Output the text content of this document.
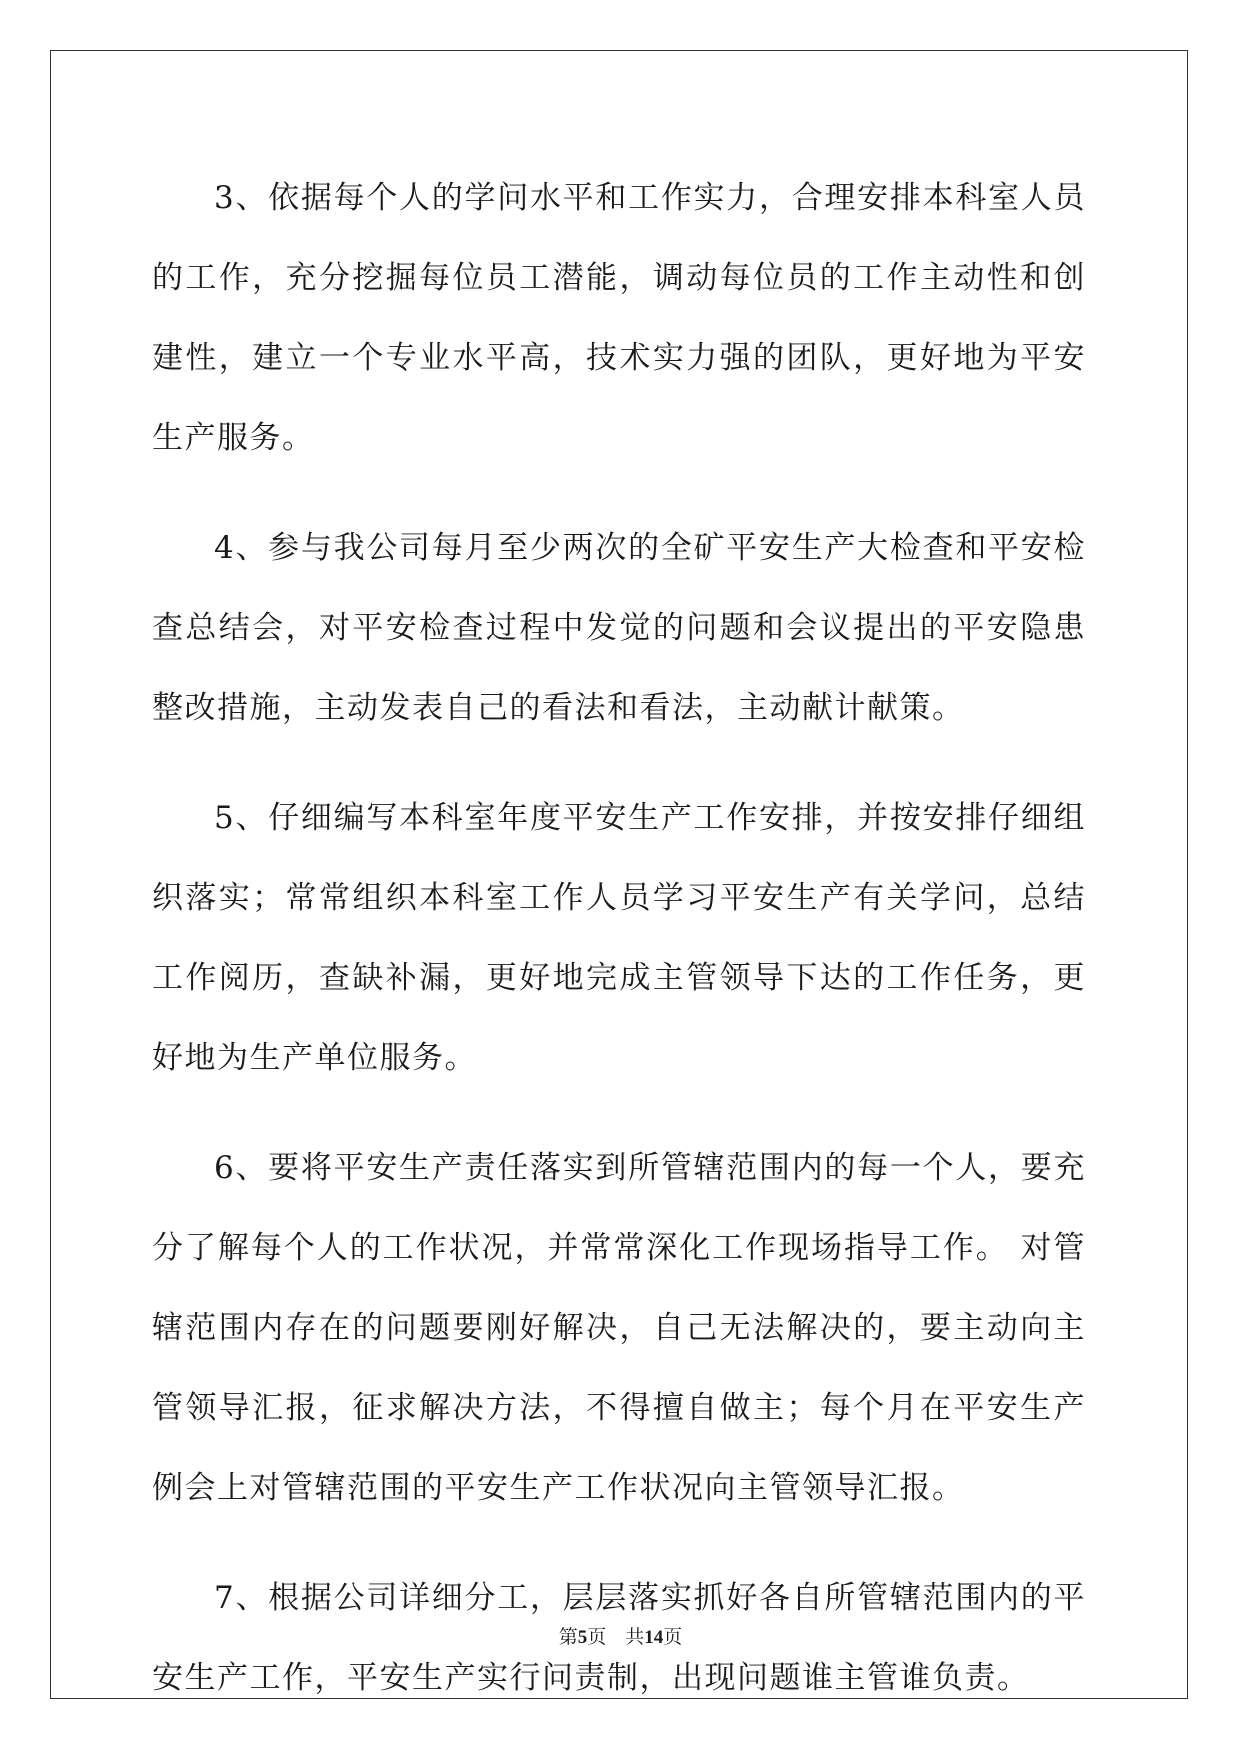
3、依据每个人的学问水平和工作实力，合理安排本科室人员的工作，充分挖掘每位员工潜能，调动每位员的工作主动性和创建性，建立一个专业水平高，技术实力强的团队，更好地为平安生产服务。

4、参与我公司每月至少两次的全矿平安生产大检查和平安检查总结会，对平安检查过程中发觉的问题和会议提出的平安隐患整改措施，主动发表自己的看法和看法，主动献计献策。

5、仔细编写本科室年度平安生产工作安排，并按安排仔细组织落实；常常组织本科室工作人员学习平安生产有关学问，总结工作阅历，查缺补漏，更好地完成主管领导下达的工作任务，更好地为生产单位服务。

6、要将平安生产责任落实到所管辖范围内的每一个人，要充分了解每个人的工作状况，并常常深化工作现场指导工作。 对管辖范围内存在的问题要刚好解决，自己无法解决的，要主动向主管领导汇报，征求解决方法，不得擅自做主；每个月在平安生产例会上对管辖范围的平安生产工作状况向主管领导汇报。

7、根据公司详细分工，层层落实抓好各自所管辖范围内的平安生产工作，平安生产实行问责制，出现问题谁主管谁负责。

第5页 共14页
